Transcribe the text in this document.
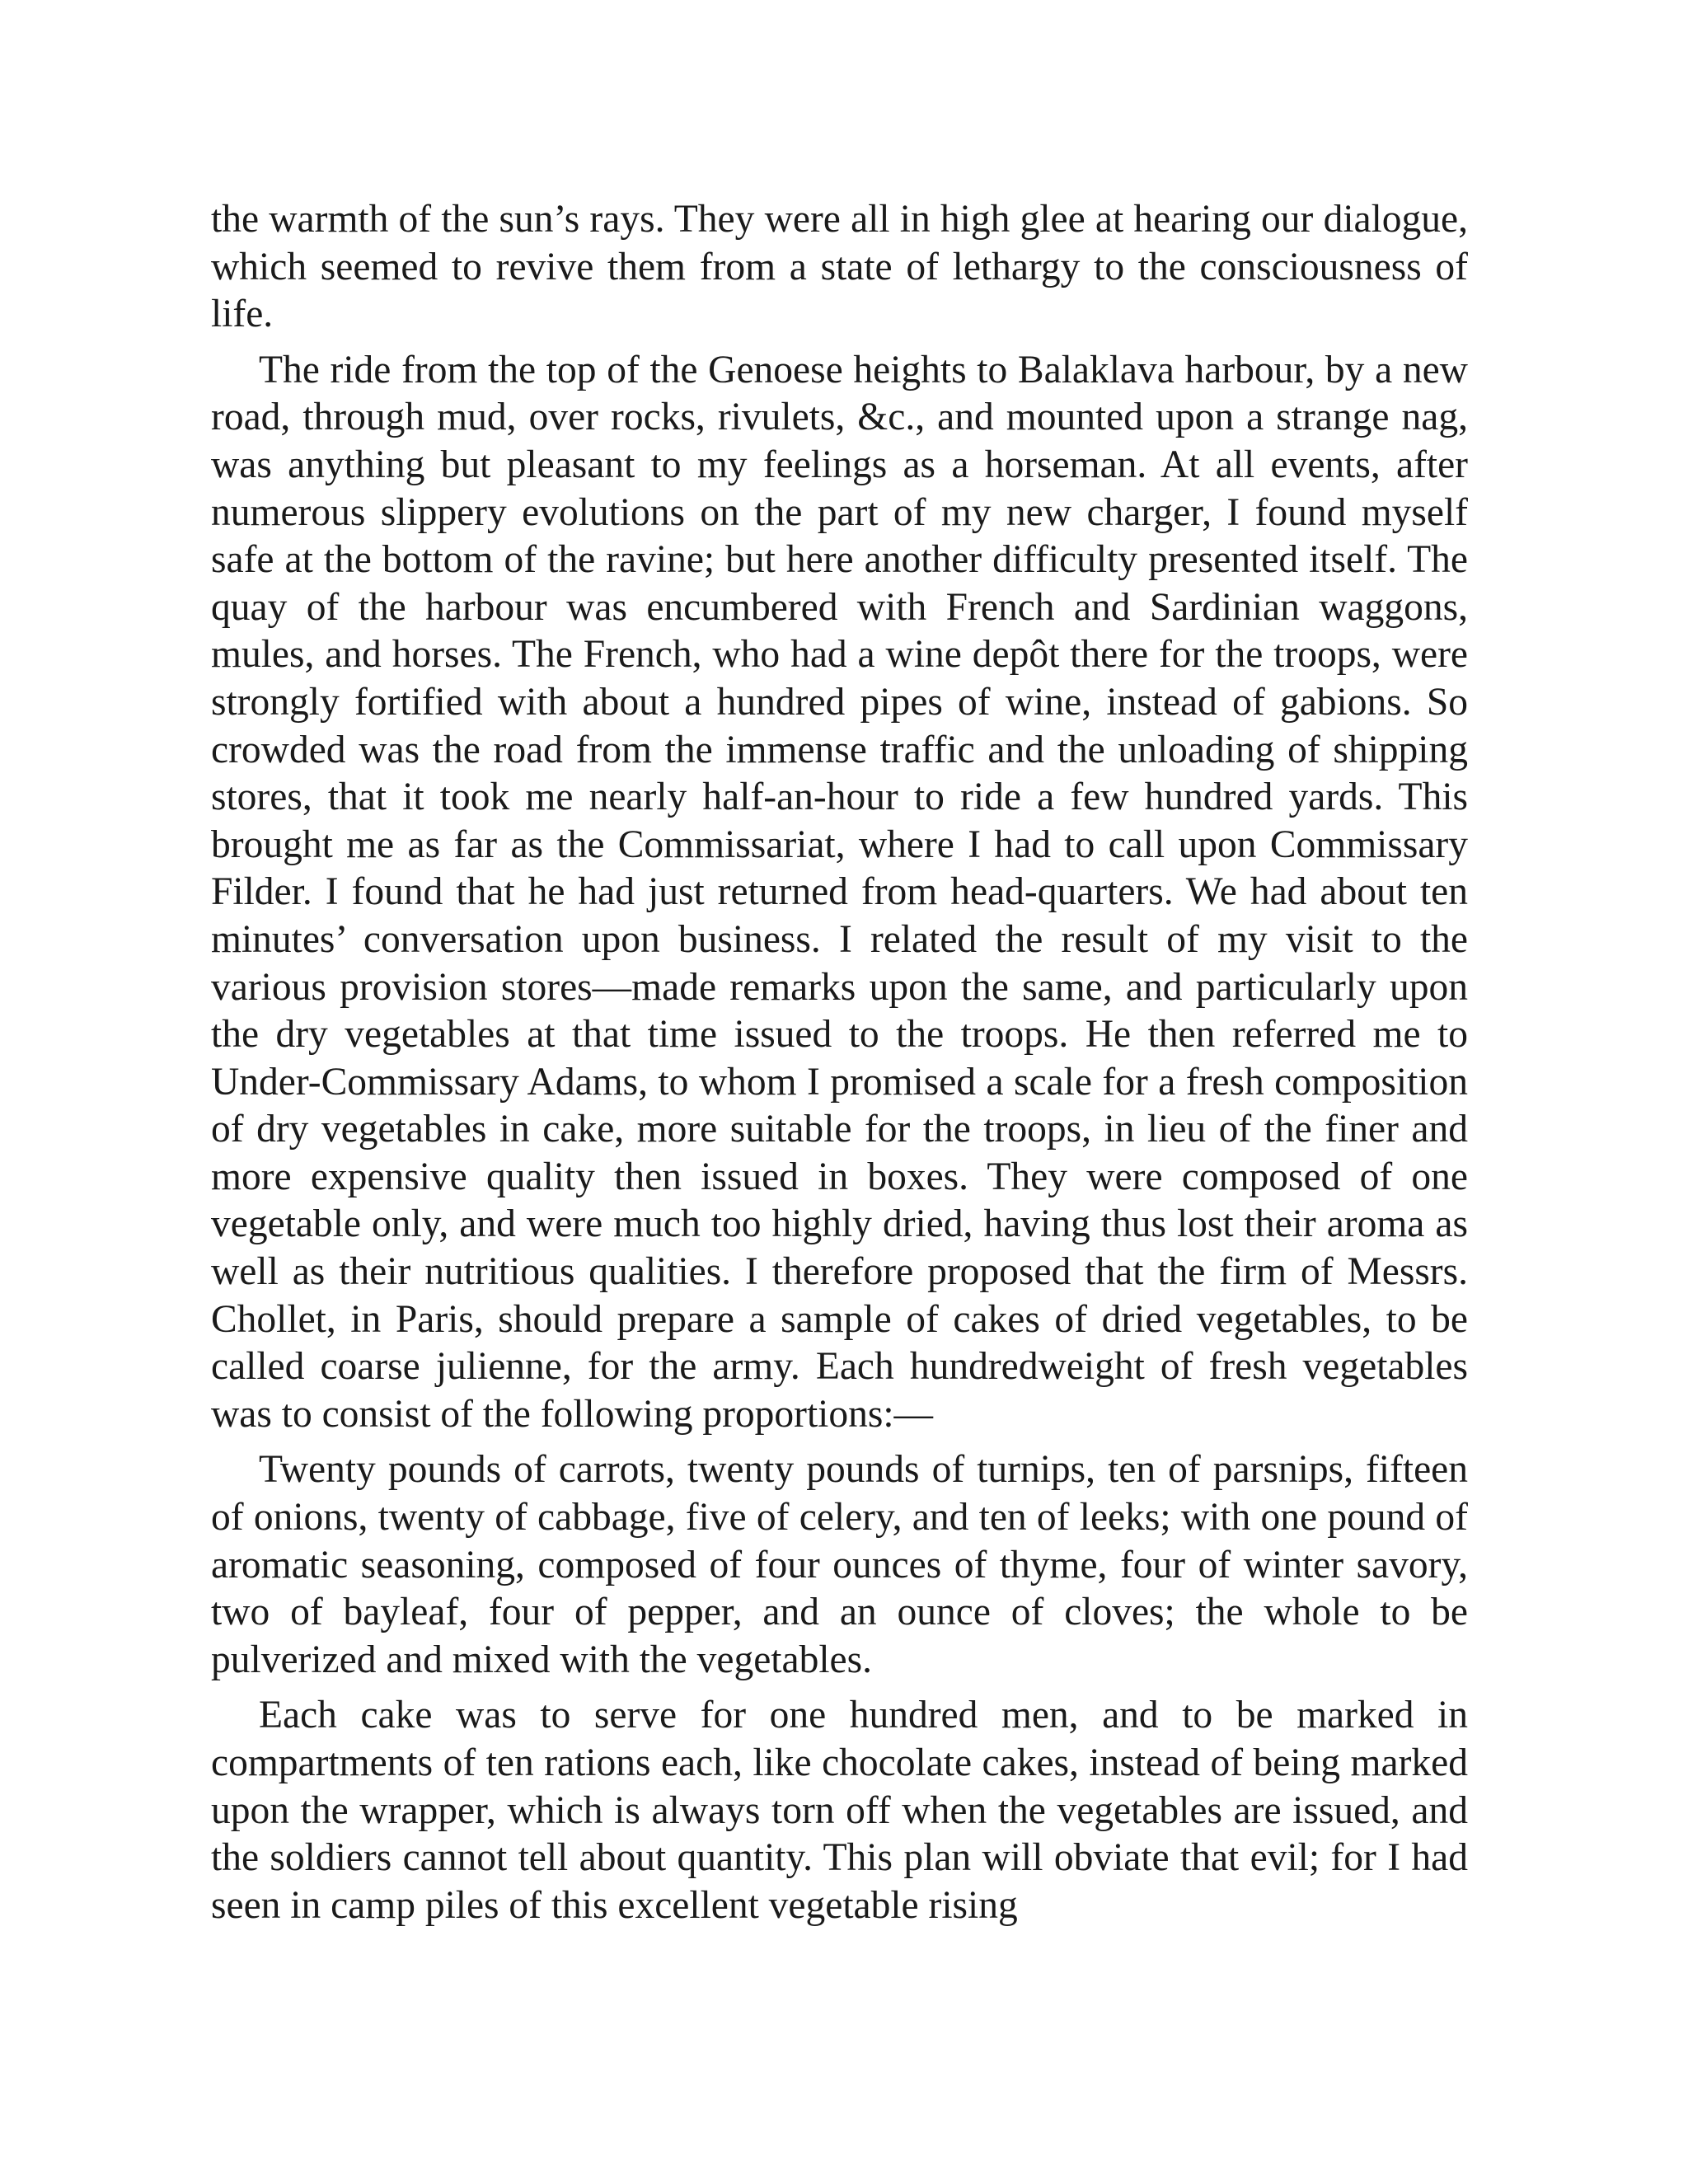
the warmth of the sun’s rays. They were all in high glee at hearing our dialogue, which seemed to revive them from a state of lethargy to the consciousness of life.

The ride from the top of the Genoese heights to Balaklava harbour, by a new road, through mud, over rocks, rivulets, &c., and mounted upon a strange nag, was anything but pleasant to my feelings as a horseman. At all events, after numerous slippery evolutions on the part of my new charger, I found myself safe at the bottom of the ravine; but here another difficulty presented itself. The quay of the harbour was encumbered with French and Sardinian waggons, mules, and horses. The French, who had a wine depôt there for the troops, were strongly fortified with about a hundred pipes of wine, instead of gabions. So crowded was the road from the immense traffic and the unloading of shipping stores, that it took me nearly half-an-hour to ride a few hundred yards. This brought me as far as the Commissariat, where I had to call upon Commissary Filder. I found that he had just returned from head-quarters. We had about ten minutes’ conversation upon business. I related the result of my visit to the various provision stores—made remarks upon the same, and particularly upon the dry vegetables at that time issued to the troops. He then referred me to Under-Commissary Adams, to whom I promised a scale for a fresh composition of dry vegetables in cake, more suitable for the troops, in lieu of the finer and more expensive quality then issued in boxes. They were composed of one vegetable only, and were much too highly dried, having thus lost their aroma as well as their nutritious qualities. I therefore proposed that the firm of Messrs. Chollet, in Paris, should prepare a sample of cakes of dried vegetables, to be called coarse julienne, for the army. Each hundredweight of fresh vegetables was to consist of the following proportions:—

Twenty pounds of carrots, twenty pounds of turnips, ten of parsnips, fifteen of onions, twenty of cabbage, five of celery, and ten of leeks; with one pound of aromatic seasoning, composed of four ounces of thyme, four of winter savory, two of bayleaf, four of pepper, and an ounce of cloves; the whole to be pulverized and mixed with the vegetables.

Each cake was to serve for one hundred men, and to be marked in compartments of ten rations each, like chocolate cakes, instead of being marked upon the wrapper, which is always torn off when the vegetables are issued, and the soldiers cannot tell about quantity. This plan will obviate that evil; for I had seen in camp piles of this excellent vegetable rising
